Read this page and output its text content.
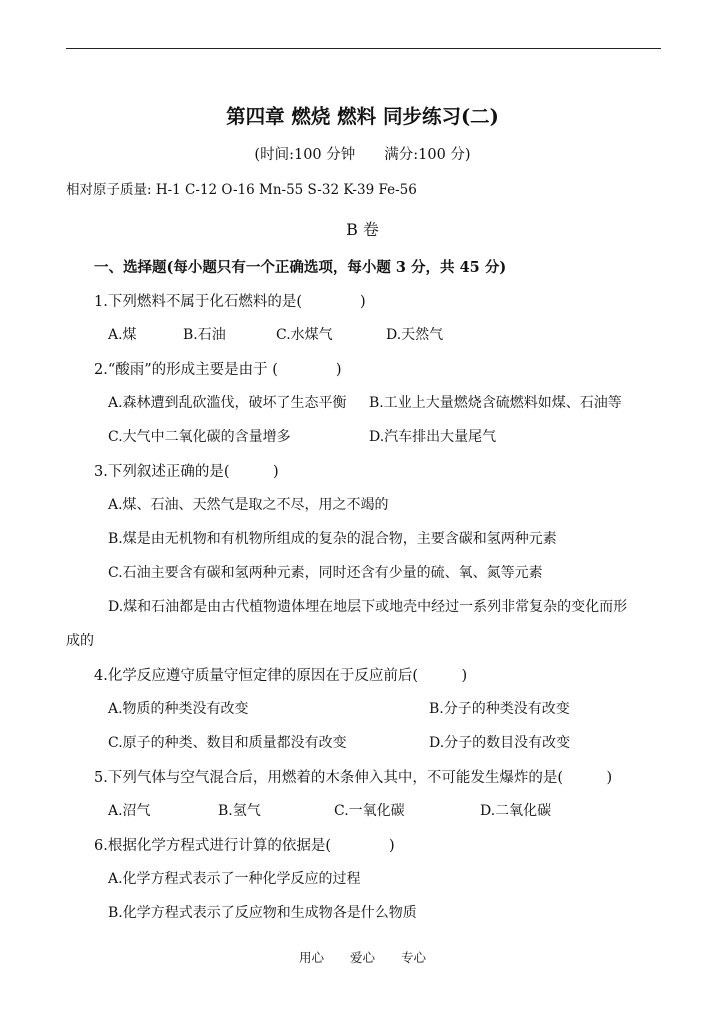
第四章 燃烧 燃料 同步练习(二)
(时间:100 分钟　　满分:100 分)
相对原子质量: H-1 C-12 O-16 Mn-55 S-32 K-39 Fe-56
B 卷
一、选择题(每小题只有一个正确选项，每小题 3 分，共 45 分)
1.下列燃料不属于化石燃料的是(　　　　)
A.煤	B.石油	C.水煤气	D.天然气
2.“酸雨”的形成主要是由于 (　　　　)
A.森林遭到乱砍滥伐，破坏了生态平衡 B.工业上大量燃烧含硫燃料如煤、石油等
C.大气中二氧化碳的含量增多	D.汽车排出大量尾气
3.下列叙述正确的是(　　　)
A.煤、石油、天然气是取之不尽，用之不竭的
B.煤是由无机物和有机物所组成的复杂的混合物，主要含碳和氢两种元素
C.石油主要含有碳和氢两种元素，同时还含有少量的硫、氧、氮等元素
D.煤和石油都是由古代植物遗体埋在地层下或地壳中经过一系列非常复杂的变化而形
成的
4.化学反应遵守质量守恒定律的原因在于反应前后(　　　)
A.物质的种类没有改变	B.分子的种类没有改变
C.原子的种类、数目和质量都没有改变	D.分子的数目没有改变
5.下列气体与空气混合后，用燃着的木条伸入其中，不可能发生爆炸的是(　　　)
A.沼气	B.氢气	C.一氧化碳	D.二氧化碳
6.根据化学方程式进行计算的依据是(　　　　)
A.化学方程式表示了一种化学反应的过程
B.化学方程式表示了反应物和生成物各是什么物质
用心 爱心 专心
